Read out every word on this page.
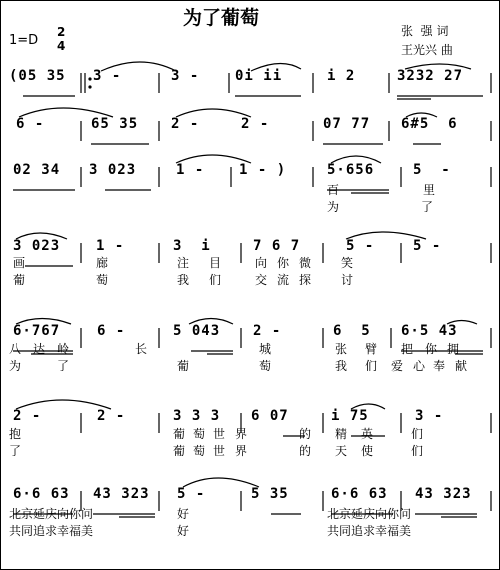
为了葡萄
1=D
2
4
张  强 词
王光兴 曲
(05 35 3 -	3 -	0i ii	i 2	3232 27
6 -	65 35 2 -	2 -	07 77 6#5  6
02 34 3 023	1 - 1 - )	5·656	5  -
3 023	1 -	3  i	7 6 7	5 -	5 -
6·767	6 -	5 043 2 -	6  5 6·5 43
2 -	2 -	3 3 3 6 07	i 75	3 -
6·6 63 43 323 5 -	5 35	6·6 63 43 323
百	里
为	了
画	廊	注 目	向 你 微 笑
葡	萄	我 们	交 流 探 讨
八 达 岭	长	城	张 臂 把 你 拥
为	了	葡	萄	我 们 爱 心 奉 献
抱	葡 萄 世 界	的 精 英	们
了	葡 萄 世 界	的 天 使	们
北京延庆向你问	好	北京延庆向你问
共同追求幸福美	好	共同追求幸福美
